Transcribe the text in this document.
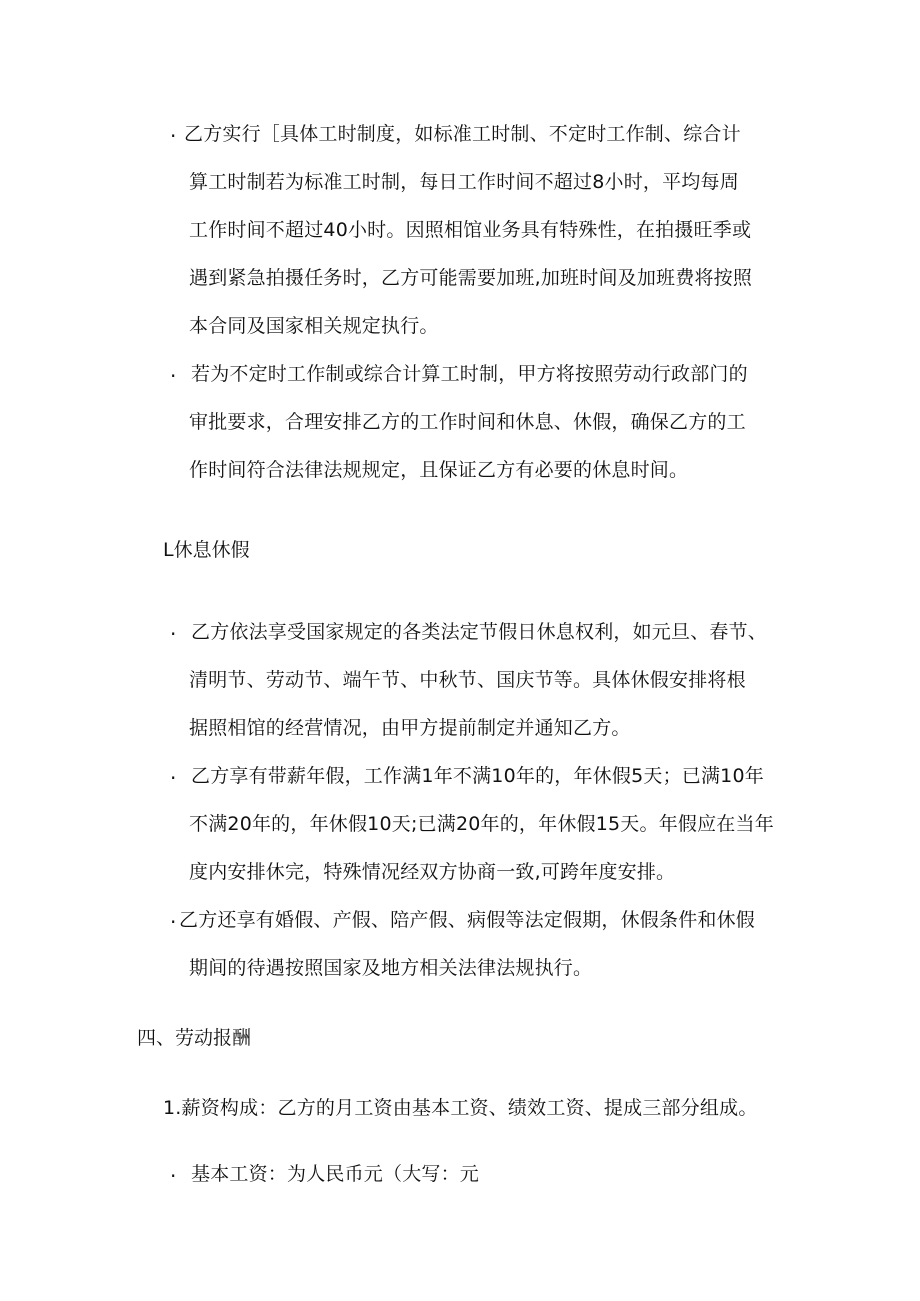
· 乙方实行［具体工时制度，如标准工时制、不定时工作制、综合计
算工时制若为标准工时制，每日工作时间不超过8小时，平均每周
工作时间不超过40小时。因照相馆业务具有特殊性，在拍摄旺季或
遇到紧急拍摄任务时，乙方可能需要加班,加班时间及加班费将按照
本合同及国家相关规定执行。
· 若为不定时工作制或综合计算工时制，甲方将按照劳动行政部门的
审批要求，合理安排乙方的工作时间和休息、休假，确保乙方的工
作时间符合法律法规规定，且保证乙方有必要的休息时间。
L休息休假
· 乙方依法享受国家规定的各类法定节假日休息权利，如元旦、春节、
清明节、劳动节、端午节、中秋节、国庆节等。具体休假安排将根
据照相馆的经营情况，由甲方提前制定并通知乙方。
· 乙方享有带薪年假，工作满1年不满10年的，年休假5天；已满10年
不满20年的，年休假10天;已满20年的，年休假15天。年假应在当年
度内安排休完，特殊情况经双方协商一致,可跨年度安排。
· 乙方还享有婚假、产假、陪产假、病假等法定假期，休假条件和休假
期间的待遇按照国家及地方相关法律法规执行。
四、劳动报酬
1.薪资构成：乙方的月工资由基本工资、绩效工资、提成三部分组成。
· 基本工资：为人民币元（大写：元
